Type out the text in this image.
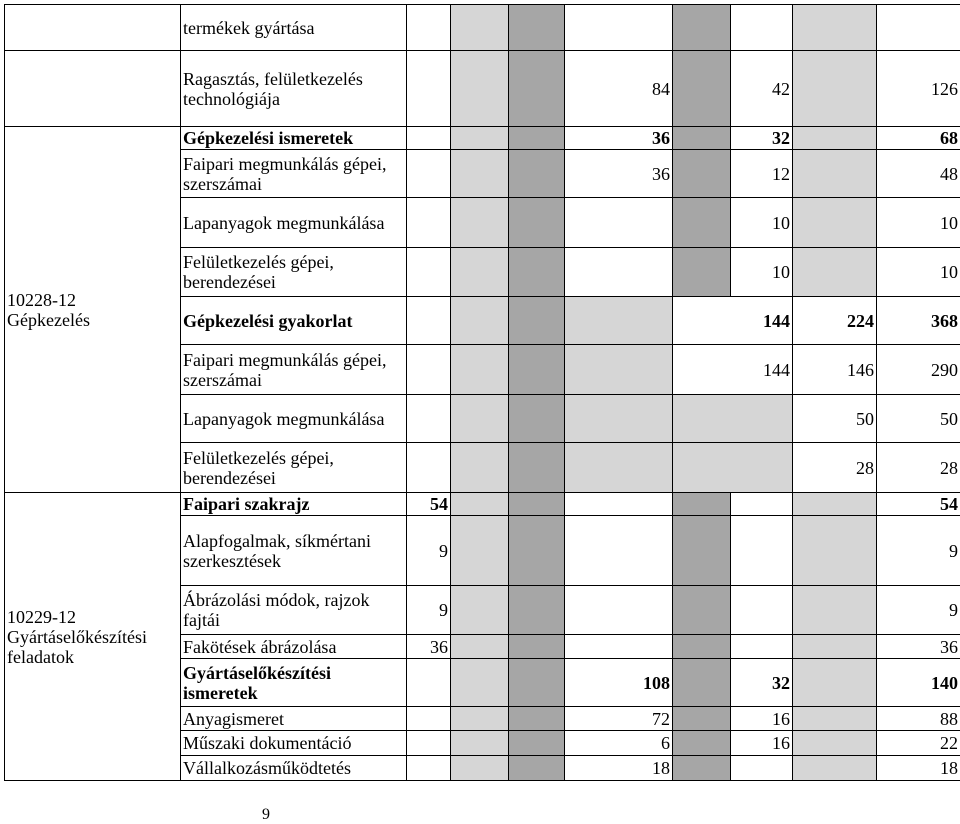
	termékek gyártása								
	Ragasztás, felületkezelés technológiája				84		42		126

10228-12
Gépkezelés	Gépkezelési ismeretek				36		32		68
	Faipari megmunkálás gépei, szerszámai				36		12		48
	Lapanyagok megmunkálása						10		10
	Felületkezelés gépei, berendezései						10		10
	Gépkezelési gyakorlat					144		224	368
	Faipari megmunkálás gépei, szerszámai					144		146	290
	Lapanyagok megmunkálása							50	50
	Felületkezelés gépei, berendezései							28	28

10229-12
Gyártáselőkészítési feladatok	Faipari szakrajz	54							54
	Alapfogalmak, síkmértani szerkesztések	9							9
	Ábrázolási módok, rajzok fajtái	9							9
	Fakötések ábrázolása	36							36
	Gyártáselőkészítési ismeretek				108		32		140
	Anyagismeret				72		16		88
	Műszaki dokumentáció				6		16		22
	Vállalkozásműködtetés				18				18
9
